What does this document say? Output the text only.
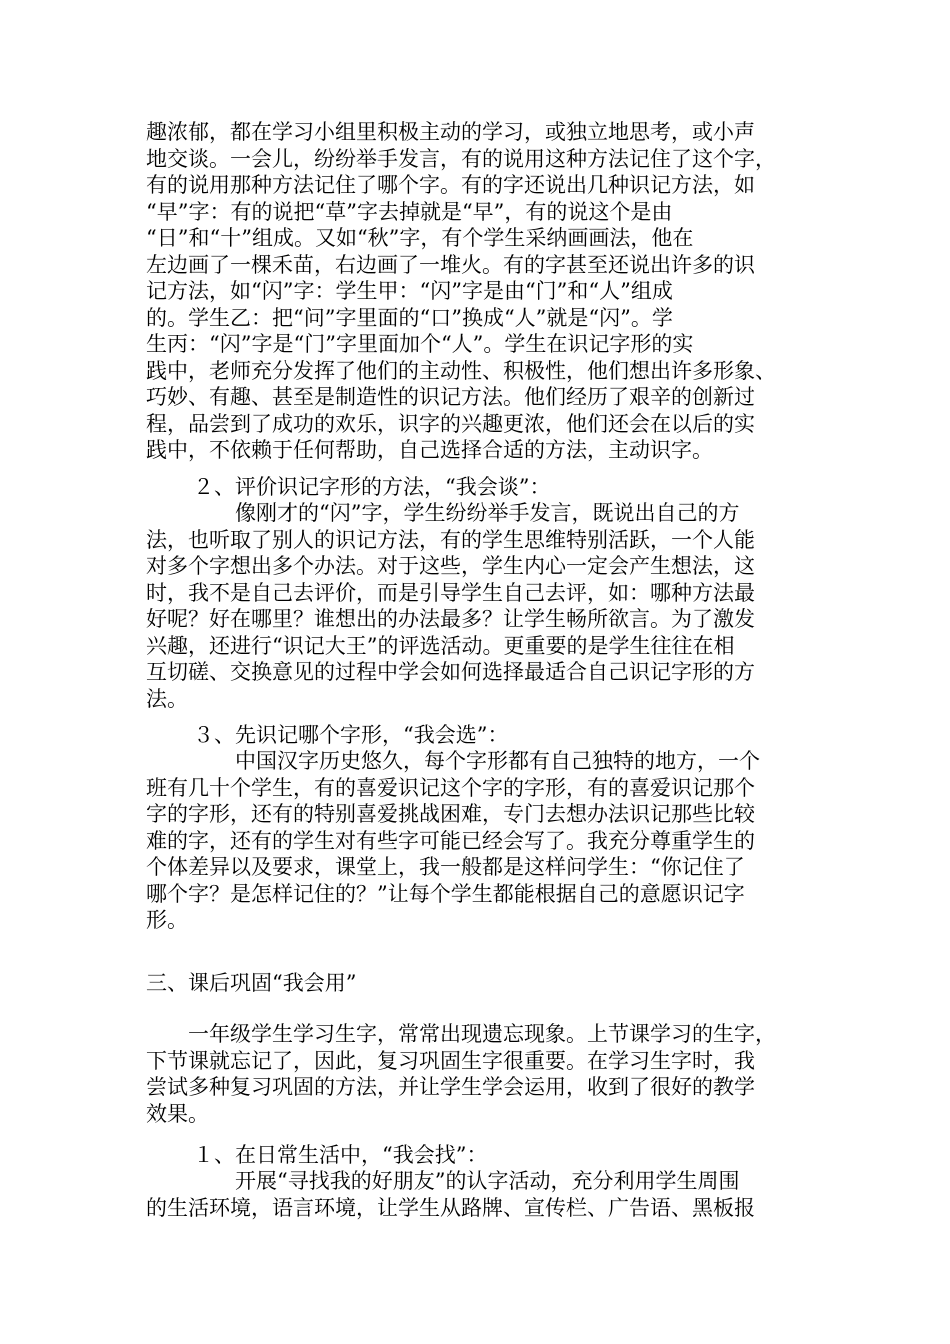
趣浓郁，都在学习小组里积极主动的学习，或独立地思考，或小声
地交谈。一会儿，纷纷举手发言，有的说用这种方法记住了这个字，
有的说用那种方法记住了哪个字。有的字还说出几种识记方法，如
“早”字：有的说把“草”字去掉就是“早”，有的说这个是由
“日”和“十”组成。又如“秋”字，有个学生采纳画画法，他在
左边画了一棵禾苗，右边画了一堆火。有的字甚至还说出许多的识
记方法，如“闪”字：学生甲：“闪”字是由“门”和“人”组成
的。学生乙：把“问”字里面的“口”换成“人”就是“闪”。学
生丙：“闪”字是“门”字里面加个“人”。学生在识记字形的实
践中，老师充分发挥了他们的主动性、积极性，他们想出许多形象、
巧妙、有趣、甚至是制造性的识记方法。他们经历了艰辛的创新过
程，品尝到了成功的欢乐，识字的兴趣更浓，他们还会在以后的实
践中，不依赖于任何帮助，自己选择合适的方法，主动识字。
２、评价识记字形的方法，“我会谈”：
像刚才的“闪”字，学生纷纷举手发言，既说出自己的方
法，也听取了别人的识记方法，有的学生思维特别活跃，一个人能
对多个字想出多个办法。对于这些，学生内心一定会产生想法，这
时，我不是自己去评价，而是引导学生自己去评，如：哪种方法最
好呢？好在哪里？谁想出的办法最多？让学生畅所欲言。为了激发
兴趣，还进行“识记大王”的评选活动。更重要的是学生往往在相
互切磋、交换意见的过程中学会如何选择最适合自己识记字形的方
法。
３、先识记哪个字形，“我会选”：
中国汉字历史悠久，每个字形都有自己独特的地方，一个
班有几十个学生，有的喜爱识记这个字的字形，有的喜爱识记那个
字的字形，还有的特别喜爱挑战困难，专门去想办法识记那些比较
难的字，还有的学生对有些字可能已经会写了。我充分尊重学生的
个体差异以及要求，课堂上，我一般都是这样问学生：“你记住了
哪个字？是怎样记住的？”让每个学生都能根据自己的意愿识记字
形。
三、课后巩固“我会用”
一年级学生学习生字，常常出现遗忘现象。上节课学习的生字，
下节课就忘记了，因此，复习巩固生字很重要。在学习生字时，我
尝试多种复习巩固的方法，并让学生学会运用，收到了很好的教学
效果。
１、在日常生活中，“我会找”：
开展“寻找我的好朋友”的认字活动，充分利用学生周围
的生活环境，语言环境，让学生从路牌、宣传栏、广告语、黑板报
